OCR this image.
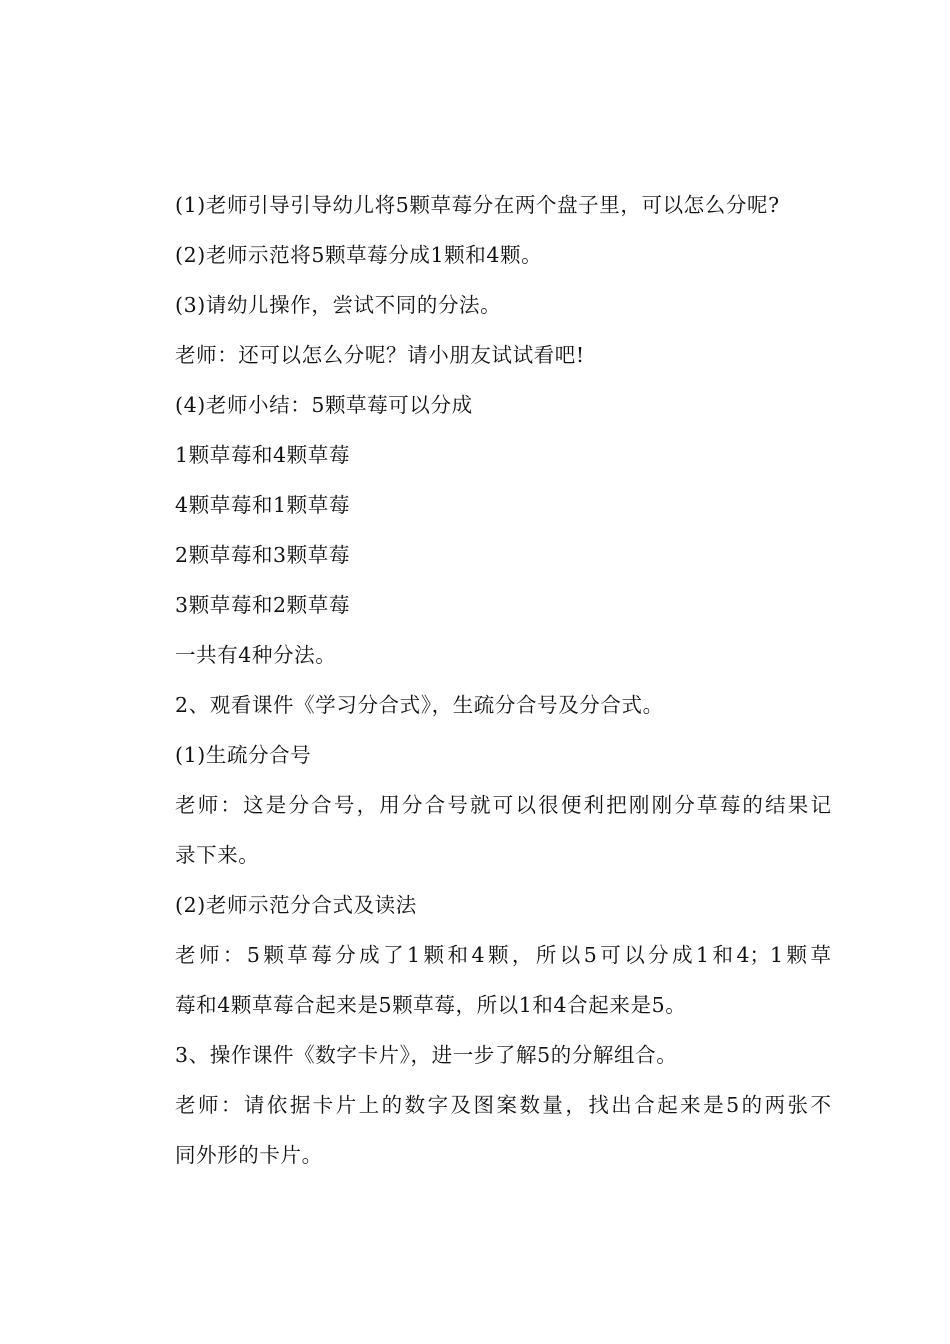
(1)老师引导引导幼儿将5颗草莓分在两个盘子里，可以怎么分呢?
(2)老师示范将5颗草莓分成1颗和4颗。
(3)请幼儿操作，尝试不同的分法。
老师：还可以怎么分呢？请小朋友试试看吧!
(4)老师小结：5颗草莓可以分成
1颗草莓和4颗草莓
4颗草莓和1颗草莓
2颗草莓和3颗草莓
3颗草莓和2颗草莓
一共有4种分法。
2、观看课件《学习分合式》，生疏分合号及分合式。
(1)生疏分合号
老师：这是分合号，用分合号就可以很便利把刚刚分草莓的结果记
录下来。
(2)老师示范分合式及读法
老师：5颗草莓分成了1颗和4颗，所以5可以分成1和4；1颗草
莓和4颗草莓合起来是5颗草莓，所以1和4合起来是5。
3、操作课件《数字卡片》，进一步了解5的分解组合。
老师：请依据卡片上的数字及图案数量，找出合起来是5的两张不
同外形的卡片。
